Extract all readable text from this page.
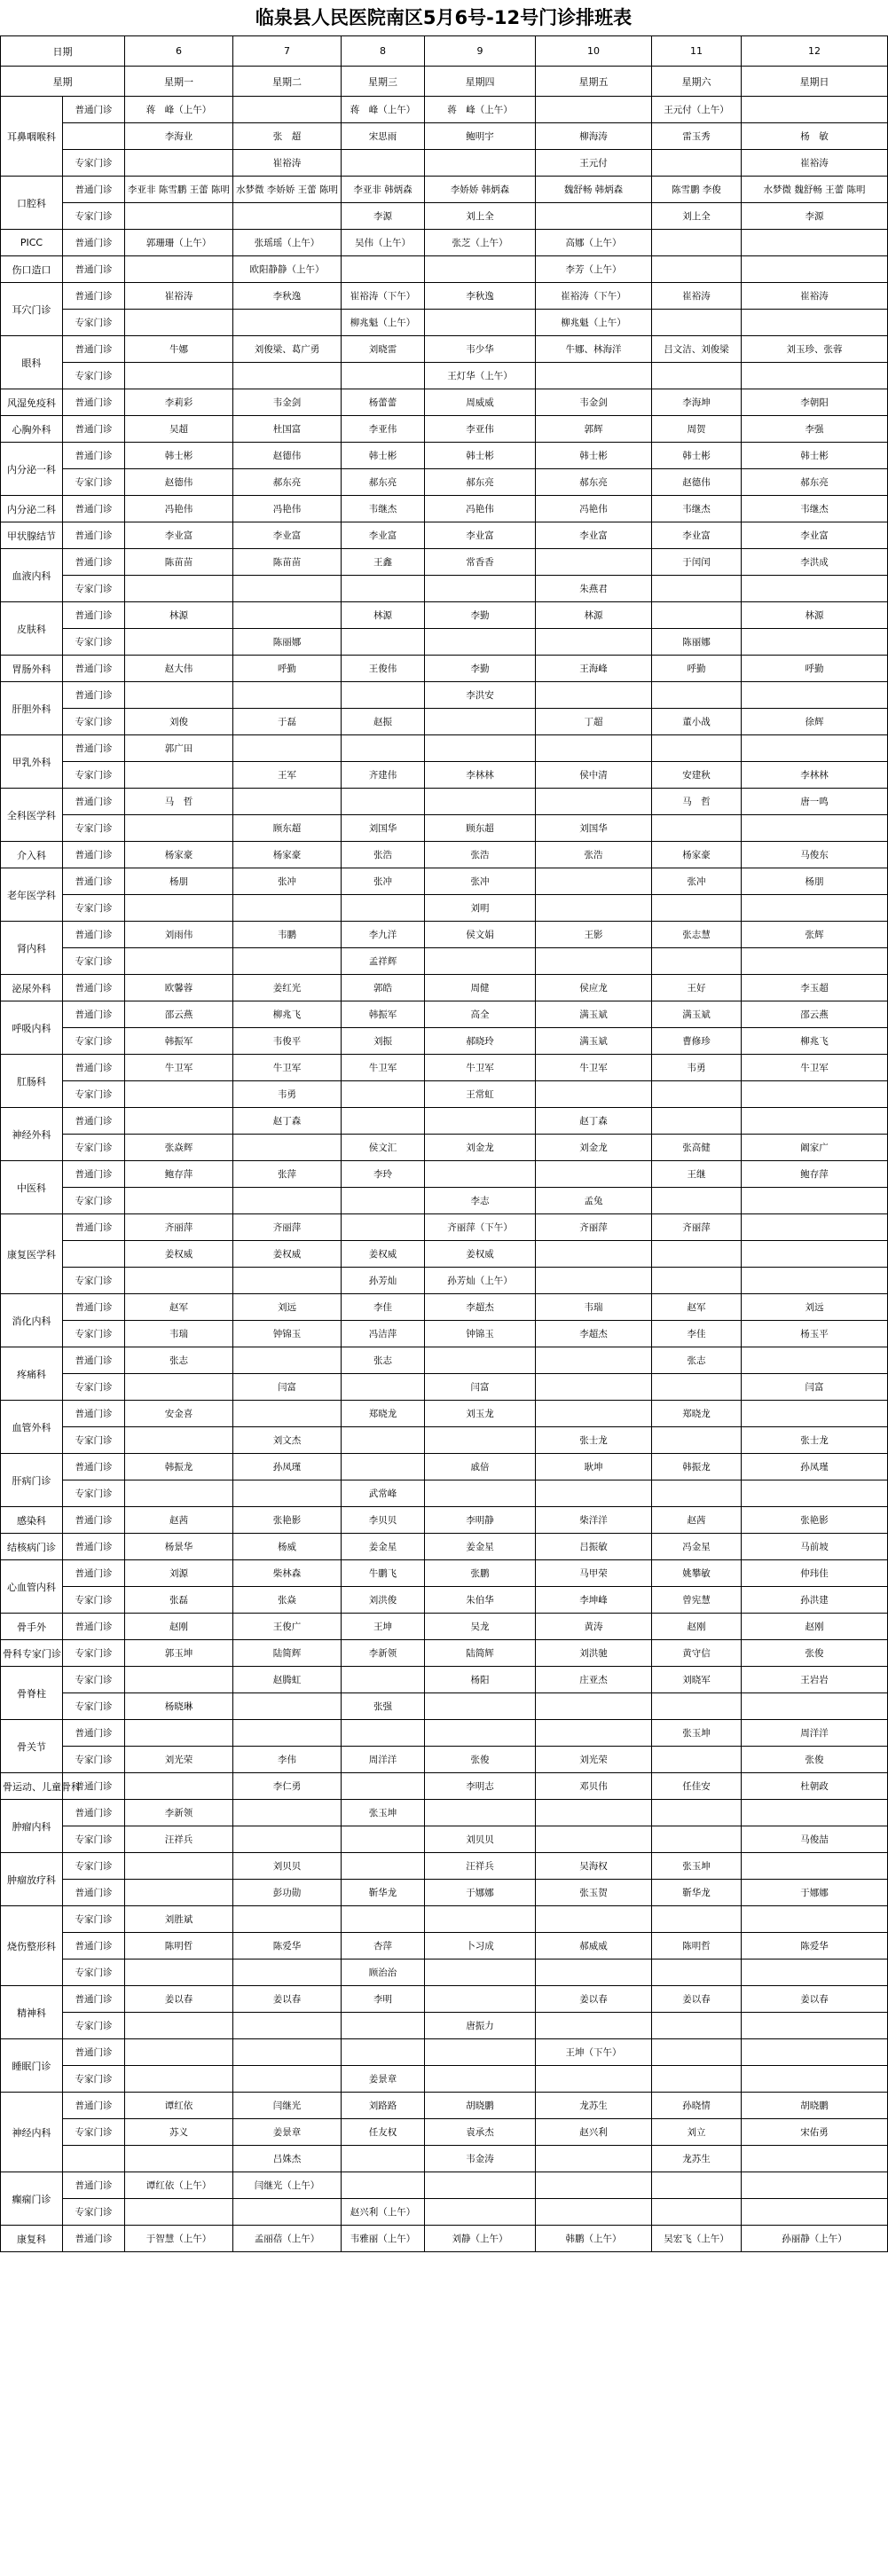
临泉县人民医院南区5月6号-12号门诊排班表
日期		6	7	8	9	10	11	12
星期		星期一	星期二	星期三	星期四	星期五	星期六	星期日
耳鼻咽喉科	普通门诊	蒋　峰（上午）		蒋　峰（上午）	蒋　峰（上午）		王元付（上午）	
		李海业	张　超	宋思雨	鲍明宇	柳海涛	雷玉秀	杨　敏
	专家门诊		崔裕涛			王元付		崔裕涛
口腔科	普通门诊	李亚非 陈雪鹏 王蕾 陈明	水梦微 李娇娇 王蕾 陈明	李亚非 韩炳森	李娇娇 韩炳森	魏舒畅 韩炳森	陈雪鹏 李俊	水梦微 魏舒畅 王蕾 陈明
	专家门诊			李源	刘上全		刘上全	李源
PICC	普通门诊	郭珊珊（上午）	张瑶瑶（上午）	吴伟（上午）	张芝（上午）	高娜（上午）		
伤口造口	普通门诊		欧阳静静（上午）			李芳（上午）		
耳穴门诊	普通门诊	崔裕涛	李秋逸	崔裕涛（下午）	李秋逸	崔裕涛（下午）	崔裕涛	崔裕涛
	专家门诊			柳兆魁（上午）		柳兆魁（上午）		
眼科	普通门诊	牛娜	刘俊梁、葛广勇	刘晓雷	韦少华	牛娜、林海洋	吕文洁、刘俊梁	刘玉珍、张蓉
	专家门诊				王灯华（上午）			
风湿免疫科	普通门诊	李莉彩	韦金剑	杨蕾蕾	周威威	韦金剑	李海坤	李朝阳
心胸外科	普通门诊	吴超	杜国富	李亚伟	李亚伟	郭辉	周贺	李强
内分泌一科	普通门诊	韩士彬	赵德伟	韩士彬	韩士彬	韩士彬	韩士彬	韩士彬
	专家门诊	赵德伟	郝东亮	郝东亮	郝东亮	郝东亮	赵德伟	郝东亮
内分泌二科	普通门诊	冯艳伟	冯艳伟	韦继杰	冯艳伟	冯艳伟	韦继杰	韦继杰
甲状腺结节	普通门诊	李业富	李业富	李业富	李业富	李业富	李业富	李业富
血液内科	普通门诊	陈苗苗	陈苗苗	王鑫	常香香		于闰闰	李洪成
	专家门诊					朱燕君		
皮肤科	普通门诊	林源		林源	李勤	林源		林源
	专家门诊		陈丽娜				陈丽娜	
胃肠外科	普通门诊	赵大伟	呼勤	王俊伟	李勤	王海峰	呼勤	呼勤
肝胆外科	普通门诊				李洪安			
	专家门诊	刘俊	于磊	赵振		丁超	董小战	徐辉
甲乳外科	普通门诊	郭广田						
	专家门诊		王军	齐建伟	李林林	侯中清	安建秋	李林林
全科医学科	普通门诊	马　哲					马　哲	唐一鸣
	专家门诊		顾东超	刘国华	顾东超	刘国华		
介入科	普通门诊	杨家豪	杨家豪	张浩	张浩	张浩	杨家豪	马俊东
老年医学科	普通门诊	杨朋	张冲	张冲	张冲		张冲	杨朋
	专家门诊				刘明			
肾内科	普通门诊	刘雨伟	韦鹏	李九洋	侯文娟	王影	张志慧	张辉
	专家门诊			孟祥辉				
泌尿外科	普通门诊	欧馨蓉	姜红光	郭皓	周健	侯应龙	王好	李玉超
呼吸内科	普通门诊	邵云燕	柳兆飞	韩振军	高全	满玉斌	满玉斌	邵云燕
	专家门诊	韩振军	韦俊平	刘振	郝晓玲	满玉斌	曹修珍	柳兆飞
肛肠科	普通门诊	牛卫军	牛卫军	牛卫军	牛卫军	牛卫军	韦勇	牛卫军
	专家门诊		韦勇		王常虹			
神经外科	普通门诊		赵丁森			赵丁森		
	专家门诊	张焱辉		侯文汇	刘金龙	刘金龙	张高健	阚家广
中医科	普通门诊	鲍存萍	张萍	李玲			王继	鲍存萍
	专家门诊				李志	孟兔		
康复医学科	普通门诊	齐丽萍	齐丽萍		齐丽萍（下午）	齐丽萍	齐丽萍	
		姜权威	姜权威	姜权威	姜权威			
	专家门诊			孙芳灿	孙芳灿（上午）			
消化内科	普通门诊	赵军	刘远	李佳	李超杰	韦瑞	赵军	刘远
	专家门诊	韦瑞	钟锦玉	冯洁萍	钟锦玉	李超杰	李佳	杨玉平
疼痛科	普通门诊	张志		张志			张志	
	专家门诊		闫富		闫富			闫富
血管外科	普通门诊	安金喜		郑晓龙	刘玉龙		郑晓龙	
	专家门诊		刘文杰			张士龙		张士龙
肝病门诊	普通门诊	韩振龙	孙凤瑾		戚倍	耿坤	韩振龙	孙凤瑾
	专家门诊			武常峰				
感染科	普通门诊	赵茜	张艳影	李贝贝	李明静	柴洋洋	赵茜	张艳影
结核病门诊	普通门诊	杨景华	杨威	姜金星	姜金星	吕振敏	冯金星	马前坡
心血管内科	普通门诊	刘源	柴林森	牛鹏飞	张鹏	马甲荣	姚攀敏	仲玮佳
	专家门诊	张磊	张焱	刘洪俊	朱伯华	李坤峰	曾宪慧	孙洪建
骨手外	普通门诊	赵刚	王俊广	王坤	吴龙	黄涛	赵刚	赵刚
骨科专家门诊	专家门诊	郭玉坤	陆简辉	李新领	陆简辉	刘洪驰	黄守信	张俊
骨脊柱	专家门诊		赵腾虹		杨阳	庄亚杰	刘晓军	王岩岩
	专家门诊	杨晓琳		张强				
骨关节	普通门诊						张玉坤	周洋洋
	专家门诊	刘光荣	李伟	周洋洋	张俊	刘光荣		张俊
骨运动、儿童骨科	普通门诊		李仁勇		李明志	邓贝伟	任佳安	杜朝政
肿瘤内科	普通门诊	李新领		张玉坤				
	专家门诊	汪祥兵			刘贝贝			马俊喆
肿瘤放疗科	专家门诊		刘贝贝		汪祥兵	吴海权	张玉坤	
	普通门诊		彭功勋	靳华龙	于娜娜	张玉贺	靳华龙	于娜娜
烧伤整形科	专家门诊	刘胜斌						
	普通门诊	陈明哲	陈爱华	杏萍	卜习成	郝威威	陈明哲	陈爱华
	专家门诊			顾治治				
精神科	普通门诊	姜以春	姜以春	李明		姜以春	姜以春	姜以春
	专家门诊				唐振力			
睡眠门诊	普通门诊					王坤（下午）		
	专家门诊			姜景章				
神经内科	普通门诊	谭红依	闫继光	刘路路	胡晓鹏	龙苏生	孙晓情	胡晓鹏
	专家门诊	苏义	姜景章	任友权	袁承杰	赵兴利	刘立	宋佑勇
			吕姝杰		韦金涛		龙苏生	
癫痫门诊	普通门诊	谭红依（上午）	闫继光（上午）					
	专家门诊			赵兴利（上午）				
康复科	普通门诊	于智慧（上午）	孟丽蓓（上午）	韦雅丽（上午）	刘静（上午）	韩鹏（上午）	吴宏飞（上午）	孙丽静（上午）
